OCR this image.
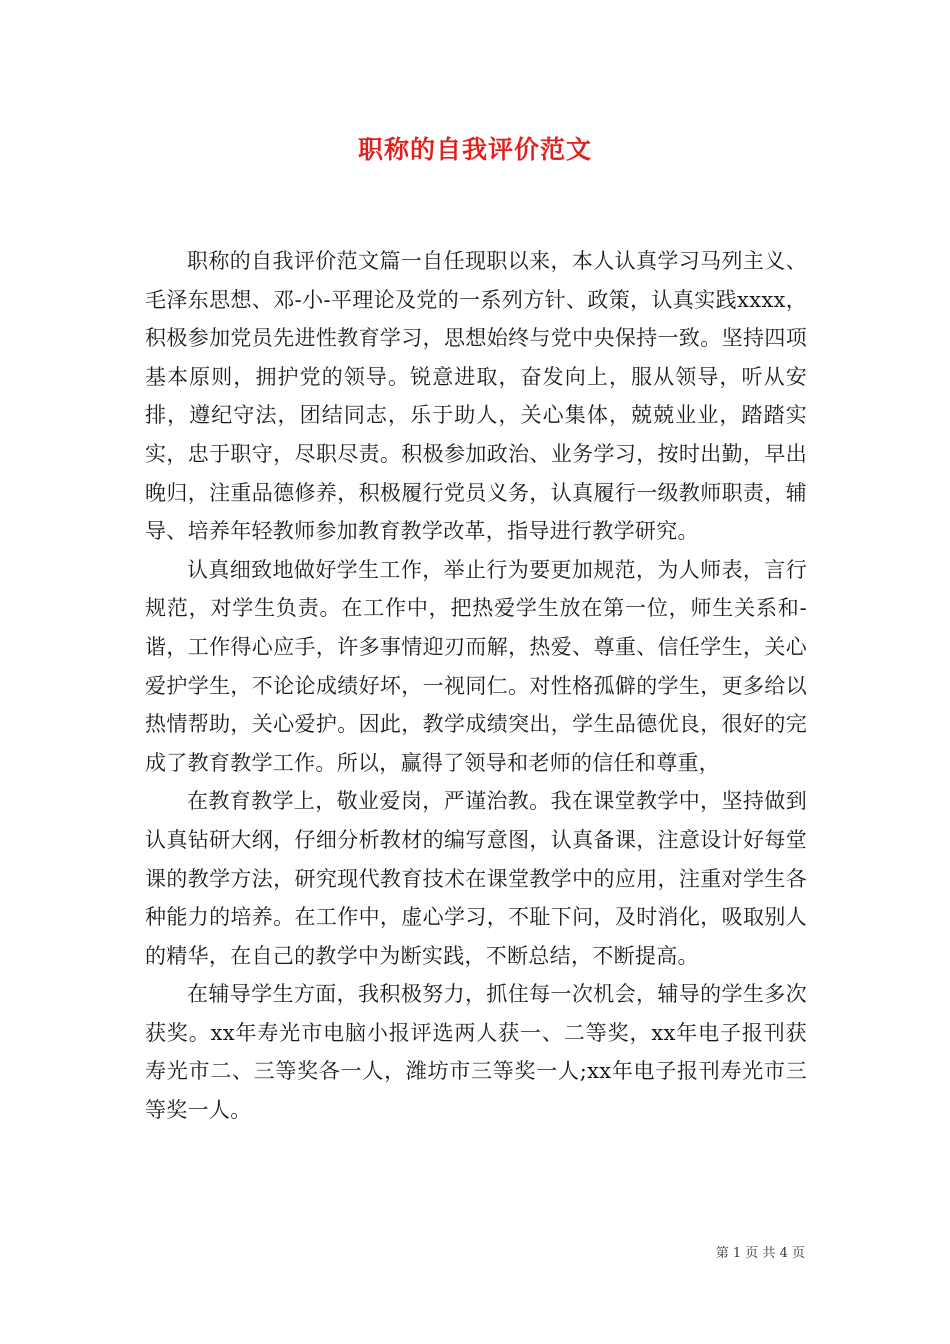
职称的自我评价范文

职称的自我评价范文篇一自任现职以来，本人认真学习马列主义、毛泽东思想、邓-小-平理论及党的一系列方针、政策，认真实践xxxx，积极参加党员先进性教育学习，思想始终与党中央保持一致。坚持四项基本原则，拥护党的领导。锐意进取，奋发向上，服从领导，听从安排，遵纪守法，团结同志，乐于助人，关心集体，兢兢业业，踏踏实实，忠于职守，尽职尽责。积极参加政治、业务学习，按时出勤，早出晚归，注重品德修养，积极履行党员义务，认真履行一级教师职责，辅导、培养年轻教师参加教育教学改革，指导进行教学研究。

认真细致地做好学生工作，举止行为要更加规范，为人师表，言行规范，对学生负责。在工作中，把热爱学生放在第一位，师生关系和-谐，工作得心应手，许多事情迎刃而解，热爱、尊重、信任学生，关心爱护学生，不论论成绩好坏，一视同仁。对性格孤僻的学生，更多给以热情帮助，关心爱护。因此，教学成绩突出，学生品德优良，很好的完成了教育教学工作。所以，赢得了领导和老师的信任和尊重，

在教育教学上，敬业爱岗，严谨治教。我在课堂教学中，坚持做到认真钻研大纲，仔细分析教材的编写意图，认真备课，注意设计好每堂课的教学方法，研究现代教育技术在课堂教学中的应用，注重对学生各种能力的培养。在工作中，虚心学习，不耻下问，及时消化，吸取别人的精华，在自己的教学中为断实践，不断总结，不断提高。

在辅导学生方面，我积极努力，抓住每一次机会，辅导的学生多次获奖。xx年寿光市电脑小报评选两人获一、二等奖，xx年电子报刊获寿光市二、三等奖各一人，潍坊市三等奖一人;xx年电子报刊寿光市三等奖一人。

第 1 页 共 4 页
